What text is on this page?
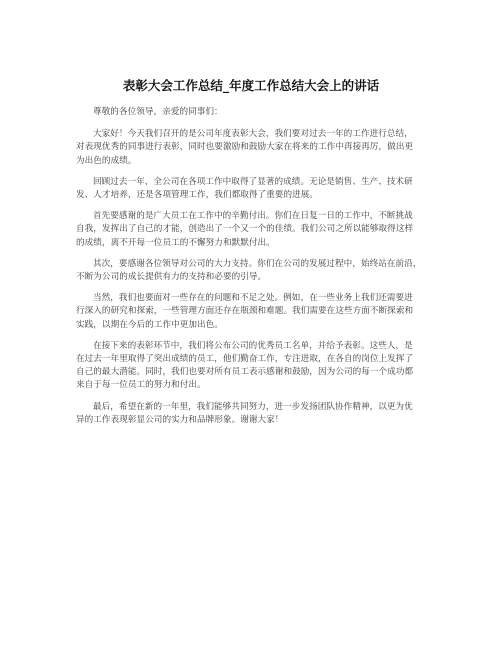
表彰大会工作总结_年度工作总结大会上的讲话

尊敬的各位领导，亲爱的同事们：

大家好！今天我们召开的是公司年度表彰大会，我们要对过去一年的工作进行总结，
对表现优秀的同事进行表彰，同时也要激励和鼓励大家在将来的工作中再接再厉，做出更
为出色的成绩。

回顾过去一年，全公司在各项工作中取得了显著的成绩。无论是销售、生产、技术研
发、人才培养，还是各项管理工作，我们都取得了重要的进展。

首先要感谢的是广大员工在工作中的辛勤付出。你们在日复一日的工作中，不断挑战
自我，发挥出了自己的才能，创造出了一个又一个的佳绩。我们公司之所以能够取得这样
的成绩，离不开每一位员工的不懈努力和默默付出。

其次，要感谢各位领导对公司的大力支持。你们在公司的发展过程中，始终站在前沿，
不断为公司的成长提供有力的支持和必要的引导。

当然，我们也要面对一些存在的问题和不足之处。例如，在一些业务上我们还需要进
行深入的研究和探索，一些管理方面还存在瓶颈和难题。我们需要在这些方面不断探索和
实践，以期在今后的工作中更加出色。

在接下来的表彰环节中，我们将公布公司的优秀员工名单，并给予表彰。这些人，是
在过去一年里取得了突出成绩的员工，他们勤奋工作，专注进取，在各自的岗位上发挥了
自己的最大潜能。同时，我们也要对所有员工表示感谢和鼓励，因为公司的每一个成功都
来自于每一位员工的努力和付出。

最后，希望在新的一年里，我们能够共同努力，进一步发扬团队协作精神，以更为优
异的工作表现彰显公司的实力和品牌形象。谢谢大家！
